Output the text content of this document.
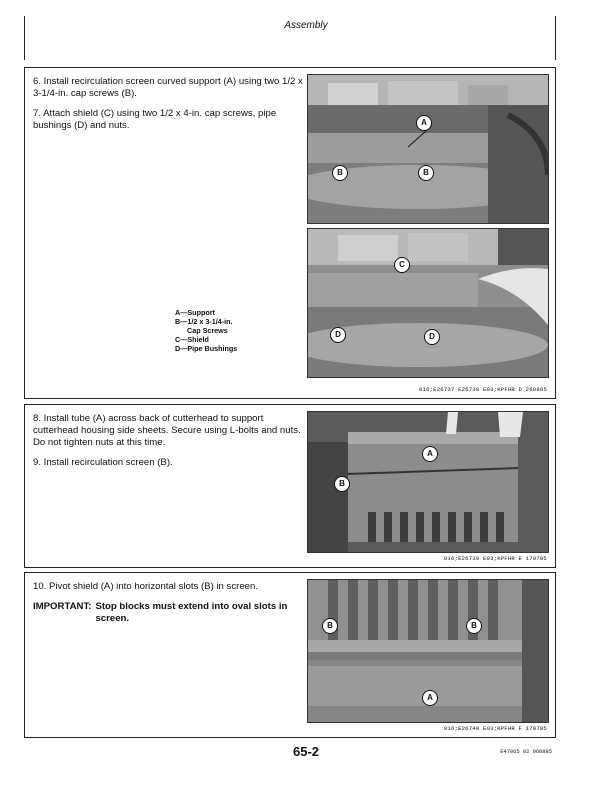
Assembly

6. Install recirculation screen curved support (A) using two 1/2 x 3-1/4-in. cap screws (B).

7. Attach shield (C) using two 1/2 x 4-in. cap screws, pipe bushings (D) and nuts.

A—Support
B—1/2 x 3-1/4-in.
Cap Screws
C—Shield
D—Pipe Bushings
A
B	B
C
D	D
016;E26737 E26738 E03;KPFHR D 260885

8. Install tube (A) across back of cutterhead to support cutterhead housing side sheets. Secure using L-bolts and nuts. Do not tighten nuts at this time.

9. Install recirculation screen (B).

A
B
016;E26739 E03;KPFHR E 170785

10. Pivot shield (A) into horizontal slots (B) in screen.

IMPORTANT: Stop blocks must extend into oval slots in screen.
B	B
A
016;E26740 E03;KPFHR F 170785
65-2	E47065 02 060885
